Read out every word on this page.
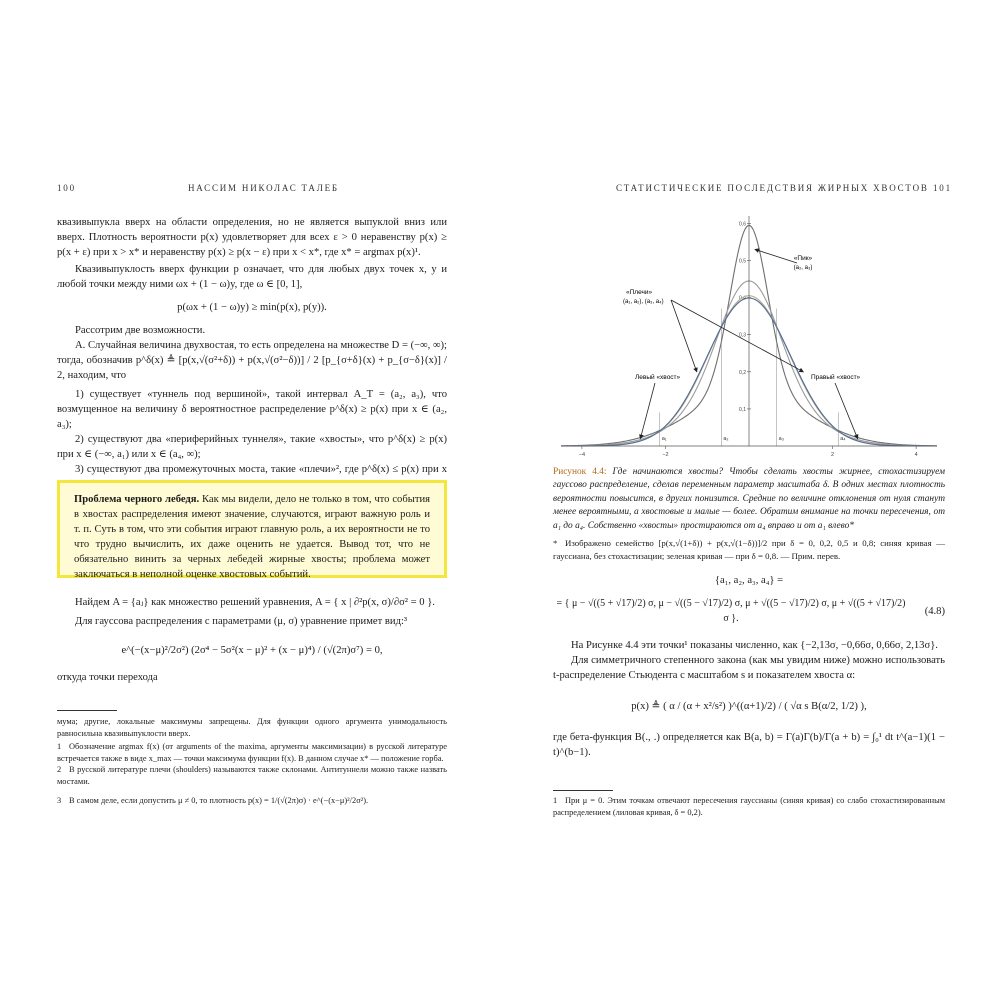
100	НАССИМ НИКОЛАС ТАЛЕБ	СТАТИСТИЧЕСКИЕ ПОСЛЕДСТВИЯ ЖИРНЫХ ХВОСТОВ 101
квазивыпукла вверх на области определения, но не является выпуклой вниз или вверх. Плотность вероятности p(x) удовлетворяет для всех ε > 0 неравенству p(x) ≥ p(x + ε) при x > x* и неравенству p(x) ≥ p(x − ε) при x < x*, где x* = argmax p(x)¹.
Квазивыпуклость вверх функции p означает, что для любых двух точек x, y и любой точки между ними ωx + (1 − ω)y, где ω ∈ [0, 1],
p(ωx + (1 − ω)y) ≥ min(p(x), p(y)).
Рассотрим две возможности.
А. Случайная величина двухвостая, то есть определена на множестве D = (−∞, ∞); тогда, обозначив p^δ(x) ≜ [p(x,√(σ²+δ)) + p(x,√(σ²−δ))] / 2 [p_{σ+δ}(x) + p_{σ−δ}(x)] / 2, находим, что
1) существует «туннель под вершиной», такой интервал A_T = (a₂, a₃), что возмущенное на величину δ вероятностное распределение p^δ(x) ≥ p(x) при x ∈ (a₂, a₃);
2) существуют два «периферийных туннеля», такие «хвосты», что p^δ(x) ≥ p(x) при x ∈ (−∞, a₁) или x ∈ (a₄, ∞);
3) существуют два промежуточных моста, такие «плечи»², где p^δ(x) ≤ p(x) при x
Проблема черного лебедя. Как мы видели, дело не только в том, что события в хвостах распределения имеют значение, случаются, играют важную роль и т. п. Суть в том, что эти события играют главную роль, а их вероятности не то что трудно вычислить, их даже оценить не удается. Вывод тот, что не обязательно винить за черных лебедей жирные хвосты; проблема может заключаться в неполной оценке хвостовых событий.
Найдем A = {aⱼ} как множество решений уравнения, A = { x | ∂²p(x, σ)/∂σ² = 0 }.
Для гауссова распределения с параметрами (μ, σ) уравнение примет вид:³
e^(−(x−μ)²/2σ²) (2σ⁴ − 5σ²(x − μ)² + (x − μ)⁴) / (√(2π)σ⁷) = 0,
откуда точки перехода
мума; другие, локальные максимумы запрещены. Для функции одного аргумента унимодальность равносильна квазивыпуклости вверх.
1 Обозначение argmax f(x) (от arguments of the maxima, аргументы максимизации) в русской литературе встречается также в виде x_max — точки максимума функции f(x). В данном случае x* — положение горба.
2 В русской литературе плечи (shoulders) называются также склонами. Антитуннели можно также назвать мостами.
3 В самом деле, если допустить μ ≠ 0, то плотность p(x) = 1/(√(2π)σ) · e^(−(x−μ)²/2σ²).
0,1
0,2
0,3
0,4
0,5
0,6
−4	−2	2	4
a₁	a₂	a₃	a₄
«Пик»
(a₂, a₃)
«Плечи»
(a₁, a₂), (a₃, a₄)
Левый «хвост»	Правый «хвост»
Рисунок 4.4: Где начинаются хвосты? Чтобы сделать хвосты жирнее, стохастизируем гауссово распределение, сделав переменным параметр масштаба δ. В одних местах плотность вероятности повысится, в других понизится. Средние по величине отклонения от нуля станут менее вероятными, а хвостовые и малые — более. Обратим внимание на точки пересечения, от a₁ до a₄. Собственно «хвосты» простираются от a₄ вправо и от a₁ влево*
* Изображено семейство [p(x,√(1+δ)) + p(x,√(1−δ))]/2 при δ = 0, 0,2, 0,5 и 0,8; синяя кривая — гауссиана, без стохастизации; зеленая кривая — при δ = 0,8. — Прим. перев.
{a₁, a₂, a₃, a₄} =
= { μ − √((5 + √17)/2) σ, μ − √((5 − √17)/2) σ, μ + √((5 − √17)/2) σ, μ + √((5 + √17)/2) σ }.
(4.8)
На Рисунке 4.4 эти точки¹ показаны численно, как {−2,13σ, −0,66σ, 0,66σ, 2,13σ}.
Для симметричного степенного закона (как мы увидим ниже) можно использовать t-распределение Стьюдента с масштабом s и показателем хвоста α:
p(x) ≜ ( α / (α + x²/s²) )^((α+1)/2) / ( √α s B(α/2, 1/2) ),
где бета-функция B(., .) определяется как B(a, b) = Γ(a)Γ(b)/Γ(a + b) = ∫₀¹ dt t^(a−1)(1 − t)^(b−1).
1 При μ = 0. Этим точкам отвечают пересечения гауссианы (синяя кривая) со слабо стохастизированным распределением (лиловая кривая, δ = 0,2).
